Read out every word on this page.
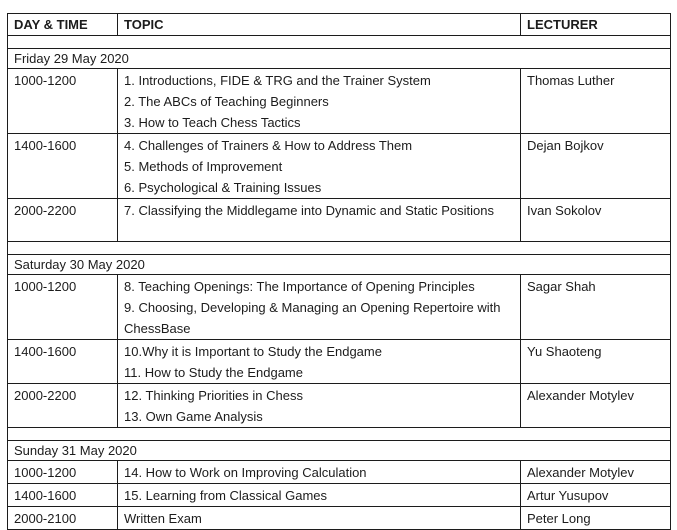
DAY & TIME	TOPIC	LECTURER

Friday 29 May 2020		
1000-1200	1. Introductions, FIDE & TRG and the Trainer System
2. The ABCs of Teaching Beginners
3. How to Teach Chess Tactics	Thomas Luther
1400-1600	4. Challenges of Trainers & How to Address Them
5. Methods of Improvement
6. Psychological & Training Issues	Dejan Bojkov
2000-2200	7. Classifying the Middlegame into Dynamic and Static Positions	Ivan Sokolov

Saturday 30 May 2020		
1000-1200	8. Teaching Openings: The Importance of Opening Principles
9. Choosing, Developing & Managing an Opening Repertoire with ChessBase	Sagar Shah
1400-1600	10.Why it is Important to Study the Endgame
11. How to Study the Endgame	Yu Shaoteng
2000-2200	12. Thinking Priorities in Chess
13. Own Game Analysis	Alexander Motylev

Sunday 31 May 2020		
1000-1200	14. How to Work on Improving Calculation	Alexander Motylev
1400-1600	15. Learning from Classical Games	Artur Yusupov
2000-2100	Written Exam	Peter Long
